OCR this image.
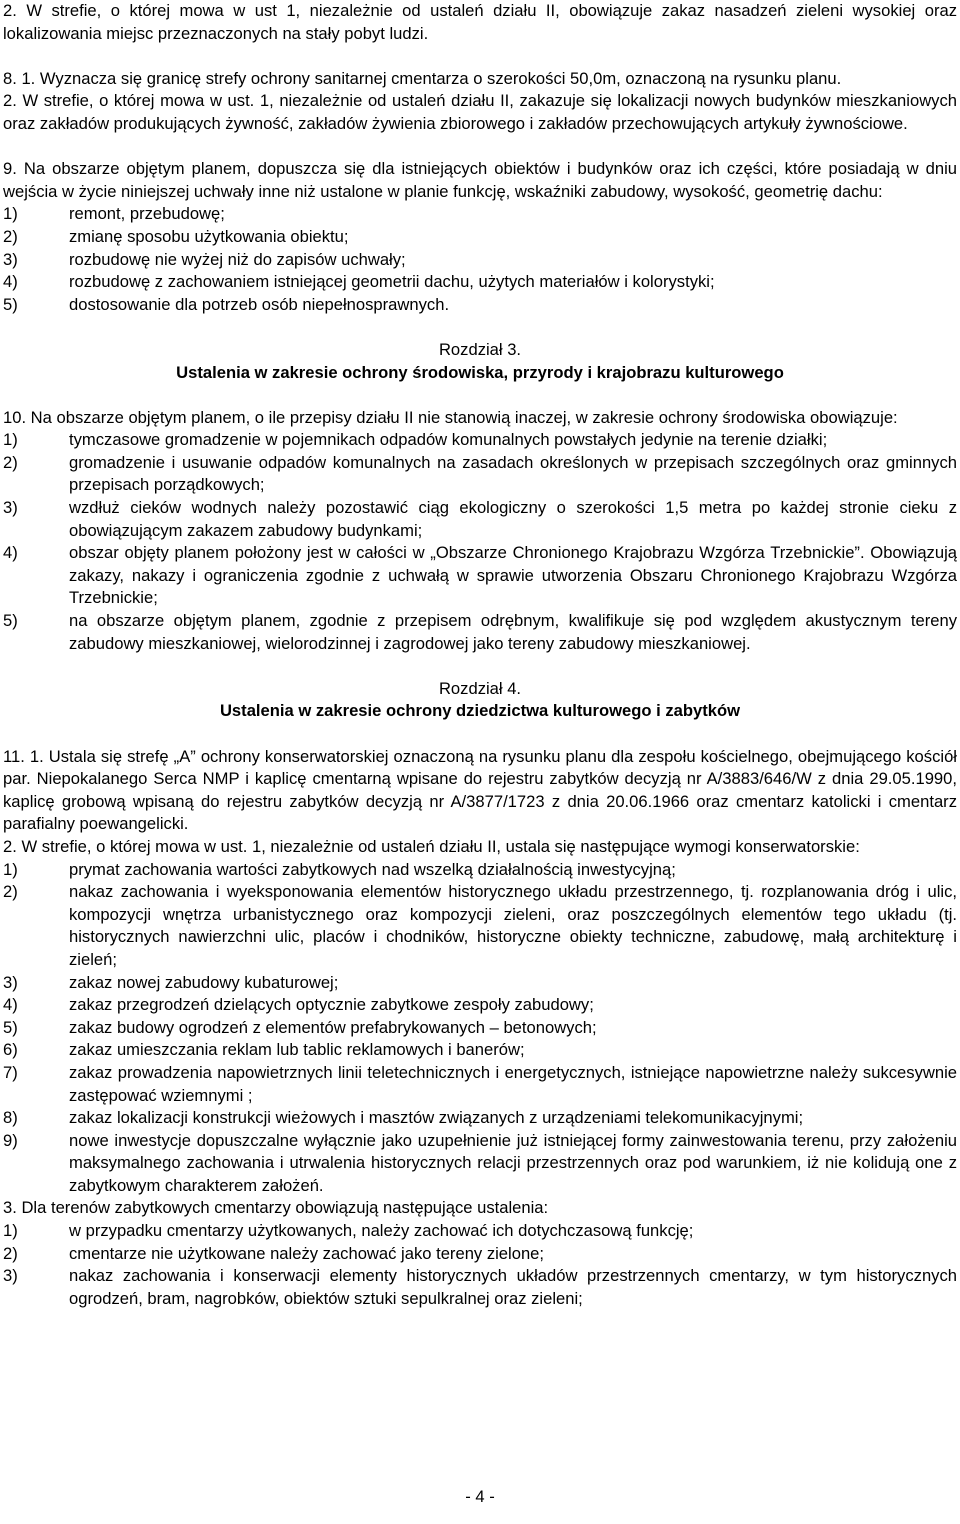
2. W strefie, o której mowa w ust 1, niezależnie od ustaleń działu II, obowiązuje zakaz nasadzeń zieleni wysokiej oraz lokalizowania miejsc przeznaczonych na stały pobyt ludzi.

8. 1. Wyznacza się granicę strefy ochrony sanitarnej cmentarza o szerokości 50,0m, oznaczoną na rysunku planu.

2. W strefie, o której mowa w ust. 1, niezależnie od ustaleń działu II, zakazuje się lokalizacji nowych budynków mieszkaniowych oraz zakładów produkujących żywność, zakładów żywienia zbiorowego i zakładów przechowujących artykuły żywnościowe.

9. Na obszarze objętym planem, dopuszcza się dla istniejących obiektów i budynków oraz ich części, które posiadają w dniu wejścia w życie niniejszej uchwały inne niż ustalone w planie funkcję, wskaźniki zabudowy, wysokość, geometrię dachu:

1)	remont, przebudowę;
2)	zmianę sposobu użytkowania obiektu;
3)	rozbudowę nie wyżej niż do zapisów uchwały;
4)	rozbudowę z zachowaniem istniejącej geometrii dachu, użytych materiałów i kolorystyki;
5)	dostosowanie dla potrzeb osób niepełnosprawnych.

Rozdział 3.

Ustalenia w zakresie ochrony środowiska, przyrody i krajobrazu kulturowego

10. Na obszarze objętym planem, o ile przepisy działu II nie stanowią inaczej, w zakresie ochrony środowiska obowiązuje:

1)	tymczasowe gromadzenie w pojemnikach odpadów komunalnych powstałych jedynie na terenie działki;
2)	gromadzenie i usuwanie odpadów komunalnych na zasadach określonych w przepisach szczególnych oraz gminnych przepisach porządkowych;
3)	wzdłuż cieków wodnych należy pozostawić ciąg ekologiczny o szerokości 1,5 metra po każdej stronie cieku z obowiązującym zakazem zabudowy budynkami;
4)	obszar objęty planem położony jest w całości w „Obszarze Chronionego Krajobrazu Wzgórza Trzebnickie”. Obowiązują zakazy, nakazy i ograniczenia zgodnie z uchwałą w sprawie utworzenia Obszaru Chronionego Krajobrazu Wzgórza Trzebnickie;
5)	na obszarze objętym planem, zgodnie z przepisem odrębnym, kwalifikuje się pod względem akustycznym tereny zabudowy mieszkaniowej, wielorodzinnej i zagrodowej jako tereny zabudowy mieszkaniowej.

Rozdział 4.

Ustalenia w zakresie ochrony dziedzictwa kulturowego i zabytków

11. 1. Ustala się strefę „A” ochrony konserwatorskiej oznaczoną na rysunku planu dla zespołu kościelnego, obejmującego kościół par. Niepokalanego Serca NMP i kaplicę cmentarną wpisane do rejestru zabytków decyzją nr A/3883/646/W z dnia 29.05.1990, kaplicę grobową wpisaną do rejestru zabytków decyzją nr A/3877/1723 z dnia 20.06.1966 oraz cmentarz katolicki i cmentarz parafialny poewangelicki.

2. W strefie, o której mowa w ust. 1, niezależnie od ustaleń działu II, ustala się następujące wymogi konserwatorskie:

1)	prymat zachowania wartości zabytkowych nad wszelką działalnością inwestycyjną;
2)	nakaz zachowania i wyeksponowania elementów historycznego układu przestrzennego, tj. rozplanowania dróg i ulic, kompozycji wnętrza urbanistycznego oraz kompozycji zieleni, oraz poszczególnych elementów tego układu (tj. historycznych nawierzchni ulic, placów i chodników, historyczne obiekty techniczne, zabudowę, małą architekturę i zieleń;
3)	zakaz nowej zabudowy kubaturowej;
4)	zakaz przegrodzeń dzielących optycznie zabytkowe zespoły zabudowy;
5)	zakaz budowy ogrodzeń z elementów prefabrykowanych – betonowych;
6)	zakaz umieszczania reklam lub tablic reklamowych i banerów;
7)	zakaz prowadzenia napowietrznych linii teletechnicznych i energetycznych, istniejące napowietrzne należy sukcesywnie zastępować wziemnymi ;
8)	zakaz lokalizacji konstrukcji wieżowych i masztów związanych z urządzeniami telekomunikacyjnymi;
9)	nowe inwestycje dopuszczalne wyłącznie jako uzupełnienie już istniejącej formy zainwestowania terenu, przy założeniu maksymalnego zachowania i utrwalenia historycznych relacji przestrzennych oraz pod warunkiem, iż nie kolidują one z zabytkowym charakterem założeń.

3. Dla terenów zabytkowych cmentarzy obowiązują następujące ustalenia:

1)	w przypadku cmentarzy użytkowanych, należy zachować ich dotychczasową funkcję;
2)	cmentarze nie użytkowane należy zachować jako tereny zielone;
3)	nakaz zachowania i konserwacji elementy historycznych układów przestrzennych cmentarzy, w tym historycznych ogrodzeń, bram, nagrobków, obiektów sztuki sepulkralnej oraz zieleni;
- 4 -
